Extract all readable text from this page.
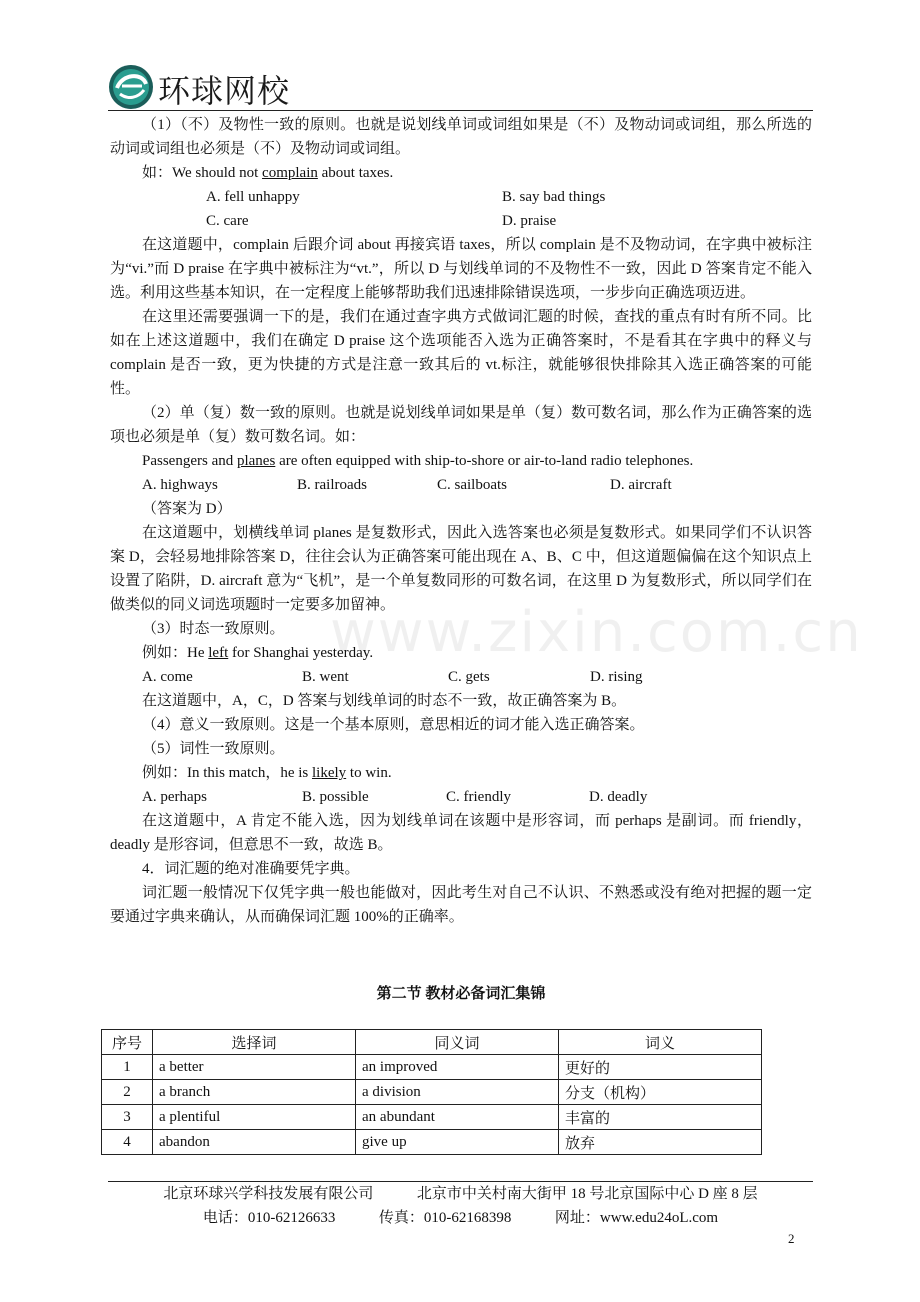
环球网校
www.zixin.com.cn

（1）（不）及物性一致的原则。也就是说划线单词或词组如果是（不）及物动词或词组，那么所选的动词或词组也必须是（不）及物动词或词组。

如：We should not complain about taxes.

A. fell unhappy	B. say bad things
C. care	D. praise

在这道题中，complain 后跟介词 about 再接宾语 taxes，所以 complain 是不及物动词，在字典中被标注为“vi.”而 D praise 在字典中被标注为“vt.”，所以 D 与划线单词的不及物性不一致，因此 D 答案肯定不能入选。利用这些基本知识，在一定程度上能够帮助我们迅速排除错误选项，一步步向正确选项迈进。

在这里还需要强调一下的是，我们在通过查字典方式做词汇题的时候，查找的重点有时有所不同。比如在上述这道题中，我们在确定 D praise 这个选项能否入选为正确答案时，不是看其在字典中的释义与 complain 是否一致，更为快捷的方式是注意一致其后的 vt.标注，就能够很快排除其入选正确答案的可能性。

（2）单（复）数一致的原则。也就是说划线单词如果是单（复）数可数名词，那么作为正确答案的选项也必须是单（复）数可数名词。如：

Passengers and planes are often equipped with ship-to-shore or air-to-land radio telephones.

A. highways	B. railroads	C. sailboats	D. aircraft

（答案为 D）

在这道题中，划横线单词 planes 是复数形式，因此入选答案也必须是复数形式。如果同学们不认识答案 D，会轻易地排除答案 D，往往会认为正确答案可能出现在 A、B、C 中，但这道题偏偏在这个知识点上设置了陷阱，D. aircraft 意为“飞机”，是一个单复数同形的可数名词，在这里 D 为复数形式，所以同学们在做类似的同义词选项题时一定要多加留神。

（3）时态一致原则。

例如：He left for Shanghai yesterday.

A. come	B. went	C. gets	D. rising

在这道题中，A，C，D 答案与划线单词的时态不一致，故正确答案为 B。

（4）意义一致原则。这是一个基本原则，意思相近的词才能入选正确答案。

（5）词性一致原则。

例如：In this match，he is likely to win.

A. perhaps	B. possible	C. friendly	D. deadly

在这道题中，A 肯定不能入选，因为划线单词在该题中是形容词，而 perhaps 是副词。而 friendly，deadly 是形容词，但意思不一致，故选 B。

4．词汇题的绝对准确要凭字典。

词汇题一般情况下仅凭字典一般也能做对，因此考生对自己不认识、不熟悉或没有绝对把握的题一定要通过字典来确认，从而确保词汇题 100%的正确率。

第二节 教材必备词汇集锦
序号	选择词	同义词	词义
1	a better	an improved	更好的
2	a branch	a division	分支（机构）
3	a plentiful	an abundant	丰富的
4	abandon	give up	放弃
北京环球兴学科技发展有限公司	北京市中关村南大街甲 18 号北京国际中心 D 座 8 层
电话：010-62126633	传真：010-62168398	网址：www.edu24oL.com
2
